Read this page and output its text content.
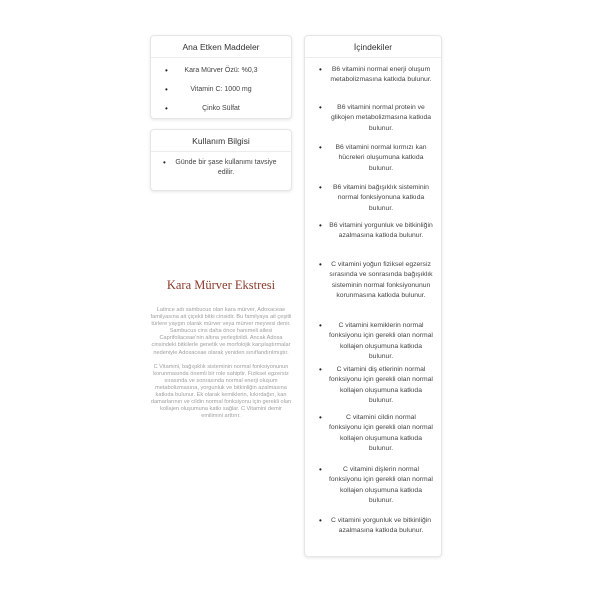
Ana Etken Maddeler
• Kara Mürver Özü: %0,3
• Vitamin C: 1000 mg
• Çinko Sülfat
Kullanım Bilgisi
• Günde bir şase kullanımı tavsiye edilir.
Kara Mürver Ekstresi

Latince adı sambucus olan kara mürver, Adoxaceae familyasına ait çiçekli bitki cinsidir. Bu familyaya ait çeşitli türlere yaygın olarak mürver veya mürver meyvesi denir. Sambucus cins daha önce hanımeli ailesi Caprifoliaceae'nin altına yerleştirildi. Ancak Adoxa cinsindeki bitkilerle genetik ve morfolojik karşılaştırmalar nedeniyle Adoxaceae olarak yeniden sınıflandırılmıştır.

C Vitamini, bağışıklık sisteminin normal fonksiyonunun korunmasında önemli bir role sahiptir. Fiziksel egzersiz sırasında ve sonrasında normal enerji oluşum metabolizmasına, yorgunluk ve bitkinliğin azalmasına katkıda bulunur. Ek olarak kemiklerin, kıkırdağın, kan damarlarının ve cildin normal fonksiyonu için gerekli olan kollajen oluşumuna katkı sağlar. C Vitamini demir emilimini arttırır.

İçindekiler
• B6 vitamini normal enerji oluşum metabolizmasına katkıda bulunur.
• B6 vitamini normal protein ve glikojen metabolizmasına katkıda bulunur.
• B6 vitamini normal kırmızı kan hücreleri oluşumuna katkıda bulunur.
• B6 vitamini bağışıklık sisteminin normal fonksiyonuna katkıda bulunur.
• B6 vitamini yorgunluk ve bitkinliğin azalmasına katkıda bulunur.
• C vitamini yoğun fiziksel egzersiz sırasında ve sonrasında bağışıklık sisteminin normal fonksiyonunun korunmasına katkıda bulunur.
• C vitamini kemiklerin normal fonksiyonu için gerekli olan normal kollajen oluşumuna katkıda bulunur.
• C vitamini diş etlerinin normal fonksiyonu için gerekli olan normal kollajen oluşumuna katkıda bulunur.
• C vitamini cildin normal fonksiyonu için gerekli olan normal kollajen oluşumuna katkıda bulunur.
• C vitamini dişlerin normal fonksiyonu için gerekli olan normal kollajen oluşumuna katkıda bulunur.
• C vitamini yorgunluk ve bitkinliğin azalmasına katkıda bulunur.
